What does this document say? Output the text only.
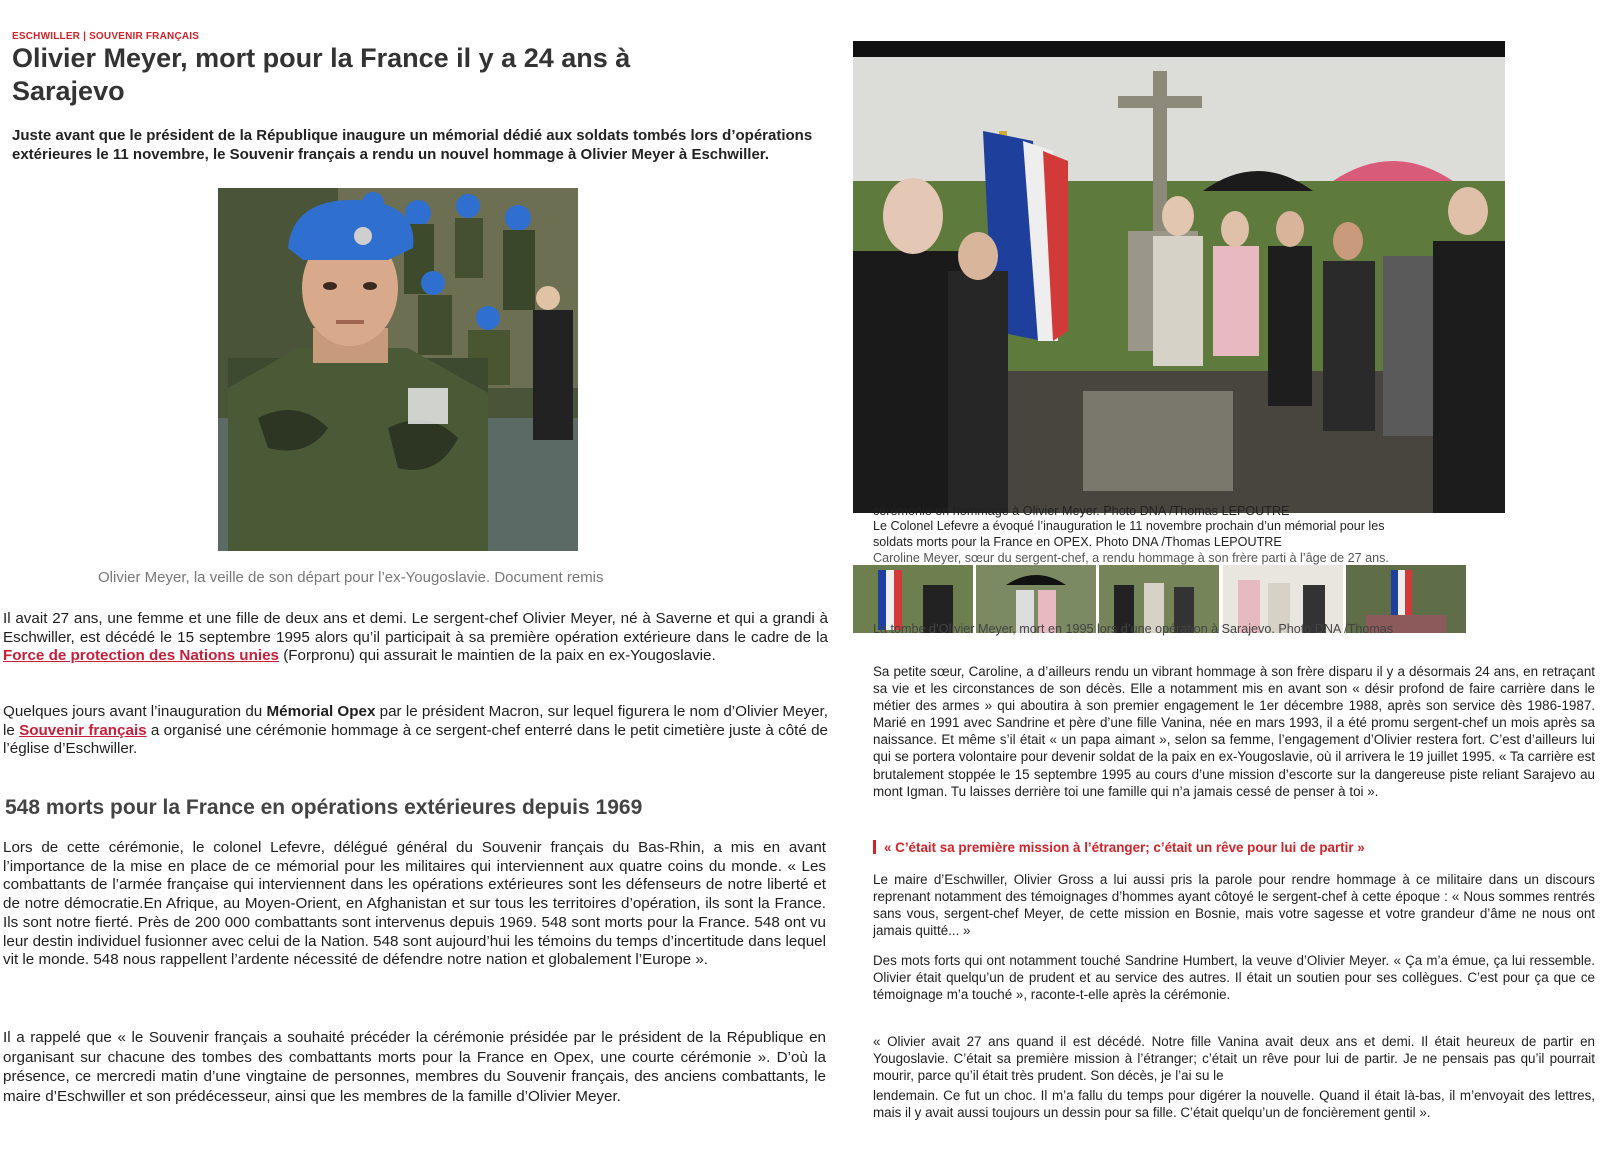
ESCHWILLER | SOUVENIR FRANÇAIS
Olivier Meyer, mort pour la France il y a 24 ans à Sarajevo

Juste avant que le président de la République inaugure un mémorial dédié aux soldats tombés lors d’opérations extérieures le 11 novembre, le Souvenir français a rendu un nouvel hommage à Olivier Meyer à Eschwiller.

Olivier Meyer, la veille de son départ pour l’ex-Yougoslavie. Document remis

Il avait 27 ans, une femme et une fille de deux ans et demi. Le sergent-chef Olivier Meyer, né à Saverne et qui a grandi à Eschwiller, est décédé le 15 septembre 1995 alors qu’il participait à sa première opération extérieure dans le cadre de la Force de protection des Nations unies (Forpronu) qui assurait le maintien de la paix en ex-Yougoslavie.

Quelques jours avant l’inauguration du Mémorial Opex par le président Macron, sur lequel figurera le nom d’Olivier Meyer, le Souvenir français a organisé une cérémonie hommage à ce sergent-chef enterré dans le petit cimetière juste à côté de l’église d’Eschwiller.

548 morts pour la France en opérations extérieures depuis 1969

Lors de cette cérémonie, le colonel Lefevre, délégué général du Souvenir français du Bas-Rhin, a mis en avant l’importance de la mise en place de ce mémorial pour les militaires qui interviennent aux quatre coins du monde. « Les combattants de l’armée française qui interviennent dans les opérations extérieures sont les défenseurs de notre liberté et de notre démocratie.En Afrique, au Moyen-Orient, en Afghanistan et sur tous les territoires d’opération, ils sont la France. Ils sont notre fierté. Près de 200 000 combattants sont intervenus depuis 1969. 548 sont morts pour la France. 548 ont vu leur destin individuel fusionner avec celui de la Nation. 548 sont aujourd’hui les témoins du temps d’incertitude dans lequel vit le monde. 548 nous rappellent l’ardente nécessité de défendre notre nation et globalement l’Europe ».

Il a rappelé que « le Souvenir français a souhaité précéder la cérémonie présidée par le président de la République en organisant sur chacune des tombes des combattants morts pour la France en Opex, une courte cérémonie ». D’où la présence, ce mercredi matin d’une vingtaine de personnes, membres du Souvenir français, des anciens combattants, le maire d’Eschwiller et son prédécesseur, ainsi que les membres de la famille d’Olivier Meyer.

cérémonie en hommage à Olivier Meyer. Photo DNA /Thomas LEPOUTRE
Le Colonel Lefevre a évoqué l’inauguration le 11 novembre prochain d’un mémorial pour les
soldats morts pour la France en OPEX. Photo DNA /Thomas LEPOUTRE
Caroline Meyer, sœur du sergent-chef, a rendu hommage à son frère parti à l’âge de 27 ans.
La tombe d’Olivier Meyer, mort en 1995 lors d’une opération à Sarajevo. Photo DNA /Thomas

Sa petite sœur, Caroline, a d’ailleurs rendu un vibrant hommage à son frère disparu il y a désormais 24 ans, en retraçant sa vie et les circonstances de son décès. Elle a notamment mis en avant son « désir profond de faire carrière dans le métier des armes » qui aboutira à son premier engagement le 1er décembre 1988, après son service dès 1986-1987. Marié en 1991 avec Sandrine et père d’une fille Vanina, née en mars 1993, il a été promu sergent-chef un mois après sa naissance. Et même s’il était « un papa aimant », selon sa femme, l’engagement d’Olivier restera fort. C’est d’ailleurs lui qui se portera volontaire pour devenir soldat de la paix en ex-Yougoslavie, où il arrivera le 19 juillet 1995. « Ta carrière est brutalement stoppée le 15 septembre 1995 au cours d’une mission d’escorte sur la dangereuse piste reliant Sarajevo au mont Igman. Tu laisses derrière toi une famille qui n’a jamais cessé de penser à toi ».

« C’était sa première mission à l’étranger; c’était un rêve pour lui de partir »

Le maire d’Eschwiller, Olivier Gross a lui aussi pris la parole pour rendre hommage à ce militaire dans un discours reprenant notamment des témoignages d’hommes ayant côtoyé le sergent-chef à cette époque : « Nous sommes rentrés sans vous, sergent-chef Meyer, de cette mission en Bosnie, mais votre sagesse et votre grandeur d’âme ne nous ont jamais quitté... »

Des mots forts qui ont notamment touché Sandrine Humbert, la veuve d’Olivier Meyer. « Ça m’a émue, ça lui ressemble. Olivier était quelqu’un de prudent et au service des autres. Il était un soutien pour ses collègues. C’est pour ça que ce témoignage m’a touché », raconte-t-elle après la cérémonie.

« Olivier avait 27 ans quand il est décédé. Notre fille Vanina avait deux ans et demi. Il était heureux de partir en Yougoslavie. C’était sa première mission à l’étranger; c’était un rêve pour lui de partir. Je ne pensais pas qu’il pourrait mourir, parce qu’il était très prudent. Son décès, je l’ai su le

lendemain. Ce fut un choc. Il m’a fallu du temps pour digérer la nouvelle. Quand il était là-bas, il m’envoyait des lettres, mais il y avait aussi toujours un dessin pour sa fille. C’était quelqu’un de foncièrement gentil ».
